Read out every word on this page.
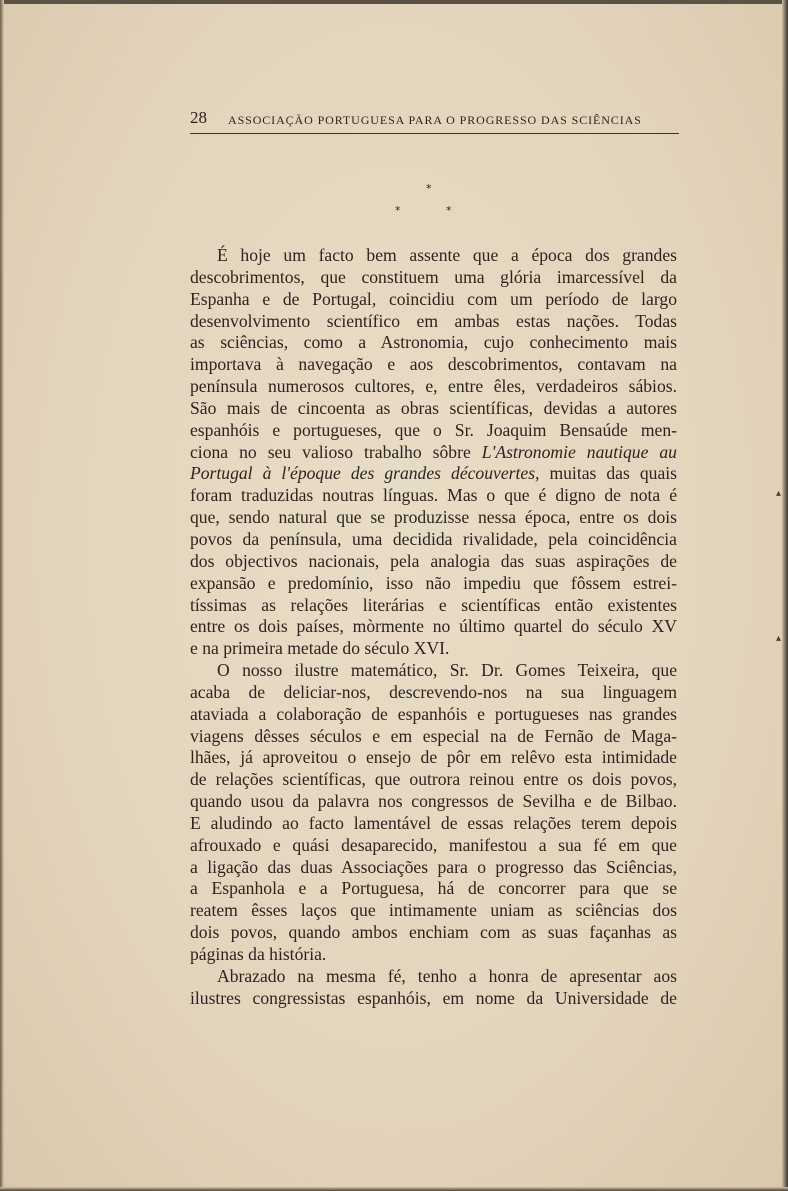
28 ASSOCIAÇÃO PORTUGUESA PARA O PROGRESSO DAS SCIÊNCIAS
*
*	*
É hoje um facto bem assente que a época dos grandes
descobrimentos, que constituem uma glória imarcessível da
Espanha e de Portugal, coincidiu com um período de largo
desenvolvimento scientífico em ambas estas nações. Todas
as sciências, como a Astronomia, cujo conhecimento mais
importava à navegação e aos descobrimentos, contavam na
península numerosos cultores, e, entre êles, verdadeiros sábios.
São mais de cincoenta as obras scientíficas, devidas a autores
espanhóis e portugueses, que o Sr. Joaquim Bensaúde men-
ciona no seu valioso trabalho sôbre L'Astronomie nautique au
Portugal à l'époque des grandes découvertes, muitas das quais
foram traduzidas noutras línguas. Mas o que é digno de nota é
que, sendo natural que se produzisse nessa época, entre os dois
povos da península, uma decidida rivalidade, pela coincidência
dos objectivos nacionais, pela analogia das suas aspirações de
expansão e predomínio, isso não impediu que fôssem estrei-
tíssimas as relações literárias e scientíficas então existentes
entre os dois países, mòrmente no último quartel do século XV
e na primeira metade do século XVI.
O nosso ilustre matemático, Sr. Dr. Gomes Teixeira, que
acaba de deliciar-nos, descrevendo-nos na sua linguagem
ataviada a colaboração de espanhóis e portugueses nas grandes
viagens dêsses séculos e em especial na de Fernão de Maga-
lhães, já aproveitou o ensejo de pôr em relêvo esta intimidade
de relações scientíficas, que outrora reinou entre os dois povos,
quando usou da palavra nos congressos de Sevilha e de Bilbao.
E aludindo ao facto lamentável de essas relações terem depois
afrouxado e quási desaparecido, manifestou a sua fé em que
a ligação das duas Associações para o progresso das Sciências,
a Espanhola e a Portuguesa, há de concorrer para que se
reatem êsses laços que intimamente uniam as sciências dos
dois povos, quando ambos enchiam com as suas façanhas as
páginas da história.
Abrazado na mesma fé, tenho a honra de apresentar aos
ilustres congressistas espanhóis, em nome da Universidade de
▴
▴
